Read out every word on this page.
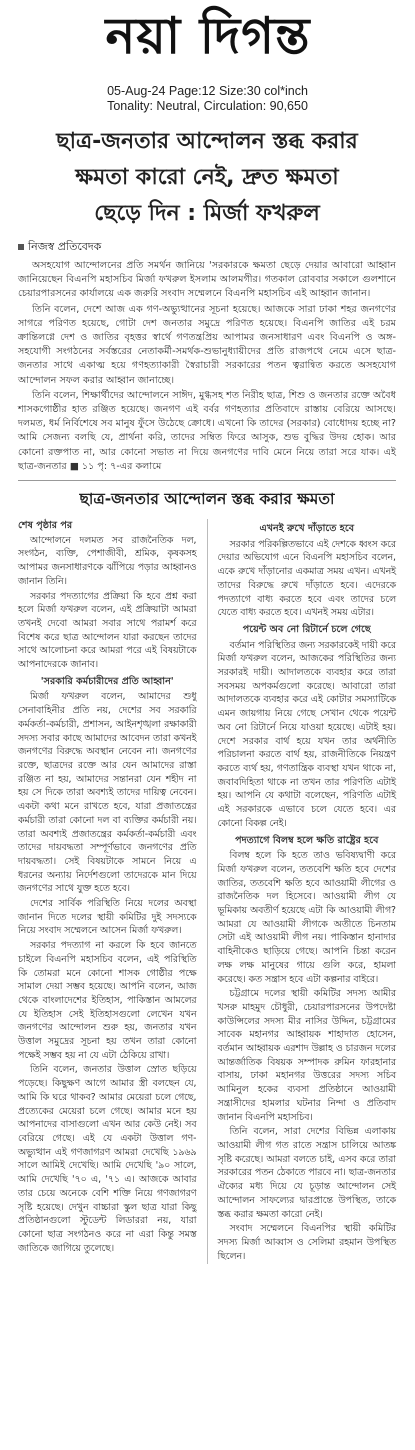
নয়া দিগন্ত
05-Aug-24 Page:12 Size:30 col*inch
Tonality: Neutral, Circulation: 90,650
ছাত্র-জনতার আন্দোলন স্তব্ধ করার
ক্ষমতা কারো নেই, দ্রুত ক্ষমতা
ছেড়ে দিন : মির্জা ফখরুল
নিজস্ব প্রতিবেদক

অসহযোগ আন্দোলনের প্রতি সমর্থন জানিয়ে 'সরকারকে ক্ষমতা ছেড়ে দেয়ার আবারো আহ্বান জানিয়েছেন বিএনপি মহাসচিব মির্জা ফখরুল ইসলাম আলমগীর। গতকাল রোববার সকালে গুলশানে চেয়ারপারসনের কার্যালয়ে এক জরুরি সংবাদ সম্মেলনে বিএনপি মহাসচিব এই আহ্বান জানান।

তিনি বলেন, দেশে আজ এক গণ-অভ্যুত্থানের সূচনা হয়েছে। আজকে সারা ঢাকা শহর জনগণের সাগরে পরিণত হয়েছে, গোটা দেশ জনতার সমুদ্রে পরিণত হয়েছে। বিএনপি জাতির এই চরম ক্রান্তিলগ্নে দেশ ও জাতির বৃহত্তর স্বার্থে গণতন্ত্রপ্রিয় আপামর জনসাধারণ এবং বিএনপি ও অঙ্গ-সহযোগী সংগঠনের সর্বস্তরের নেতাকর্মী-সমর্থক-শুভানুধ্যায়ীদের প্রতি রাজপথে নেমে এসে ছাত্র-জনতার সাথে একাত্ম হয়ে গণহত্যাকারী স্বৈরাচারী সরকারের পতন ত্বরান্বিত করতে অসহযোগ আন্দোলন সফল করার আহ্বান জানাচ্ছে।

তিনি বলেন, শিক্ষার্থীদের আন্দোলনে সাঈদ, মুগ্ধসহ শত নিরীহ ছাত্র, শিশু ও জনতার রক্তে অবৈধ শাসকগোষ্ঠীর হাত রঞ্জিত হয়েছে। জনগণ এই বর্বর গণহত্যার প্রতিবাদে রাস্তায় বেরিয়ে আসছে। দলমত, ধর্ম নির্বিশেষে সব মানুষ ফুঁসে উঠেছে ক্রোধে। এখনো কি তাদের (সরকার) বোধোদয় হচ্ছে না? আমি সেজন্য বলছি যে, প্রার্থনা করি, তাদের সম্বিত ফিরে আসুক, শুভ বুদ্ধির উদয় হোক। আর কোনো রক্তপাত না, আর কোনো সভাত না দিয়ে জনগণের দাবি মেনে নিয়ে তারা সরে যাক। এই ছাত্র-জনতার ■ ১১ পৃ: ৭-এর কলামে

ছাত্র-জনতার আন্দোলন স্তব্ধ করার ক্ষমতা
শেষ পৃষ্ঠার পর

আন্দোলনে দলমত সব রাজনৈতিক দল, সংগঠন, ব্যক্তি, পেশাজীবী, শ্রমিক, কৃষকসহ আপামর জনসাধারণকে ঝাঁপিয়ে পড়ার আহ্বানও জানান তিনি।

সরকার পদত্যাগের প্রক্রিয়া কি হবে প্রশ্ন করা হলে মির্জা ফখরুল বলেন, এই প্রক্রিয়াটা আমরা তখনই দেবো আমরা সবার সাথে পরামর্শ করে বিশেষ করে ছাত্র আন্দোলন যারা করছেন তাদের সাথে আলোচনা করে আমরা পরে এই বিষয়টাকে আপনাদেরকে জানাব।

'সরকারি কর্মচারীদের প্রতি আহ্বান'

মির্জা ফখরুল বলেন, আমাদের শুধু সেনাবাহিনীর প্রতি নয়, দেশের সব সরকারি কর্মকর্তা-কর্মচারী, প্রশাসন, আইনশৃঙ্খলা রক্ষাকারী সদস্য সবার কাছে আমাদের আবেদন তারা কখনই জনগণের বিরুদ্ধে অবস্থান নেবেন না। জনগণের রক্তে, ছাত্রদের রক্তে আর যেন আমাদের রাস্তা রঞ্জিত না হয়, আমাদের সন্তানরা যেন শহীদ না হয় সে দিকে তারা অবশ্যই তাদের দায়িত্ব নেবেন। একটা কথা মনে রাখতে হবে, যারা প্রজাতন্ত্রের কর্মচারী তারা কোনো দল বা ব্যক্তির কর্মচারী নয়। তারা অবশ্যই প্রজাতন্ত্রের কর্মকর্তা-কর্মচারী এবং তাদের দায়বদ্ধতা সম্পূর্ণভাবে জনগণের প্রতি দায়বদ্ধতা। সেই বিষয়টাকে সামনে নিয়ে এ ধরনের অন্যায় নির্দেশগুলো তাদেরকে মান দিয়ে জনগণের সাথে যুক্ত হতে হবে।

দেশের সার্বিক পরিস্থিতি নিয়ে দলের অবস্থা জানান দিতে দলের স্থায়ী কমিটির দুই সদস্যকে নিয়ে সংবাদ সম্মেলনে আসেন মির্জা ফখরুল।

সরকার পদত্যাগ না করলে কি হবে জানতে চাইলে বিএনপি মহাসচিব বলেন, এই পরিস্থিতি কি তোমরা মনে কোনো শাসক গোষ্ঠীর পক্ষে সামাল দেয়া সম্ভব হয়েছে। আপনি বলেন, আজ থেকে বাংলাদেশের ইতিহাস, পাকিস্তান আমলের যে ইতিহাস সেই ইতিহাসগুলো লেখেন যখন জনগণের আন্দোলন শুরু হয়, জনতার যখন উত্তাল সমুদ্রের সূচনা হয় তখন তারা কোনো পক্ষেই সম্ভব হয় না যে এটা ঠেকিয়ে রাখা।

তিনি বলেন, জনতার উত্তাল স্রোত ছড়িয়ে পড়েছে। কিছুক্ষণ আগে আমার স্ত্রী বলছেন যে, আমি কি ঘরে থাকব? আমার মেয়েরা চলে গেছে, প্রত্যেকের মেয়েরা চলে গেছে। আমার মনে হয় আপনাদের বাসাগুলো এখন আর কেউ নেই। সব বেরিয়ে গেছে। এই যে একটা উত্তাল গণ-অভ্যুত্থান এই গণজাগরণ আমরা দেখেছি ১৯৬৯ সালে আমিই দেখেছি। আমি দেখেছি '৯০ সালে, আমি দেখেছি '৭০ এ, '৭১ এ। আজকে আবার তার চেয়ে অনেকে বেশি শক্তি নিয়ে গণজাগরণ সৃষ্টি হয়েছে। দেখুন বাচ্চারা স্কুল ছাত্র যারা কিছু প্রতিষ্ঠানগুলো স্টুডেন্ট লিডাররা নয়, যারা কোনো ছাত্র সংগঠনও করে না এরা কিন্তু সমস্ত জাতিকে জাগিয়ে তুলেছে।

এখনই রুখে দাঁড়াতে হবে

সরকার পরিকল্পিতভাবে এই দেশকে ধ্বংস করে দেয়ার অভিযোগ এনে বিএনপি মহাসচিব বলেন, একে রুখে দাঁড়ানোর একমাত্র সময় এখন। এখনই তাদের বিরুদ্ধে রুখে দাঁড়াতে হবে। এদেরকে পদত্যাগে বাধ্য করতে হবে এবং তাদের চলে যেতে বাধ্য করতে হবে। এখনই সময় এটার।

পয়েন্ট অব নো রিটার্নে চলে গেছে

বর্তমান পরিস্থিতির জন্য সরকারকেই দায়ী করে মির্জা ফখরুল বলেন, আজকের পরিস্থিতির জন্য সরকারই দায়ী। আদালতকে ব্যবহার করে তারা সবসময় অপকর্মগুলো করেছে। আবারো তারা আদালতকে ব্যবহার করে এই কোটার সমস্যাটিকে এমন জায়গায় নিয়ে গেছে সেখান থেকে পয়েন্ট অব নো রিটার্নে নিয়ে যাওয়া হয়েছে। এটাই হয়। দেশে সরকার বার্থ হয়ে যখন তার অর্থনীতি পরিচালনা করতে বার্থ হয়, রাজনীতিকে নিয়ন্ত্রণ করতে ব্যর্থ হয়, গণতান্ত্রিক ব্যবস্থা যখন থাকে না, জবাবদিহিতা থাকে না তখন তার পরিণতি এটাই হয়। আপনি যে কথাটা বলেছেন, পরিণতি এটাই এই সরকারকে এভাবে চলে যেতে হবে। এর কোনো বিকল্প নেই।

পদত্যাগে বিলম্ব হলে ক্ষতি রাষ্ট্রের হবে

বিলম্ব হলে কি হতে তাও ভবিষ্যদ্বাণী করে মির্জা ফখরুল বলেন, ততবেশি ক্ষতি হবে দেশের জাতির, ততবেশি ক্ষতি হবে আওয়ামী লীগের ও রাজনৈতিক দল হিসেবে। আওয়ামী লীগ যে ভূমিকায় অবতীর্ণ হয়েছে এটা কি আওয়ামী লীগ? আমরা যে আওয়ামী লীগকে অতীতে চিনতাম সেটা এই আওয়ামী লীগ নয়। পাকিস্তান হানাদার বাহিনীকেও ছাড়িয়ে গেছে। আপনি চিন্তা করেন লক্ষ লক্ষ মানুষের গায়ে গুলি করে, হামলা করেছে। কত সন্ত্রাস হবে এটা কল্পনার বাইরে।

চট্টগ্রামে দলের স্থায়ী কমিটির সদস্য আমীর খসরু মাহমুদ চৌধুরী, চেয়ারপারসনের উপদেষ্টা কাউন্সিলের সদস্য মীর নাসির উদ্দিন, চট্টগ্রামের সাবেক মহানগর আহ্বায়ক শাহাদাত হোসেন, বর্তমান আহ্বায়ক এরশাদ উল্লাহ ও চারজন দলের আন্তর্জাতিক বিষয়ক সম্পাদক রুমিন ফারহানার বাসায়, ঢাকা মহানগর উত্তরের সদস্য সচিব আমিনুল হকের ব্যবসা প্রতিষ্ঠানে আওয়ামী সন্ত্রাসীদের হামলার ঘটনার নিন্দা ও প্রতিবাদ জানান বিএনপি মহাসচিব।

তিনি বলেন, সারা দেশের বিভিন্ন এলাকায় আওয়ামী লীগ গত রাতে সন্ত্রাস চালিয়ে আতঙ্ক সৃষ্টি করেছে। আমরা বলতে চাই, এসব করে তারা সরকারের পতন ঠেকাতে পারবে না। ছাত্র-জনতার ঐক্যের মধ্য দিয়ে যে চূড়ান্ত আন্দোলন সেই আন্দোলন সাফল্যের দ্বারপ্রান্তে উপস্থিত, তাকে স্তব্ধ করার ক্ষমতা কারো নেই।

সংবাদ সম্মেলনে বিএনপির স্থায়ী কমিটির সদস্য মির্জা আব্বাস ও সেলিমা রহমান উপস্থিত ছিলেন।
